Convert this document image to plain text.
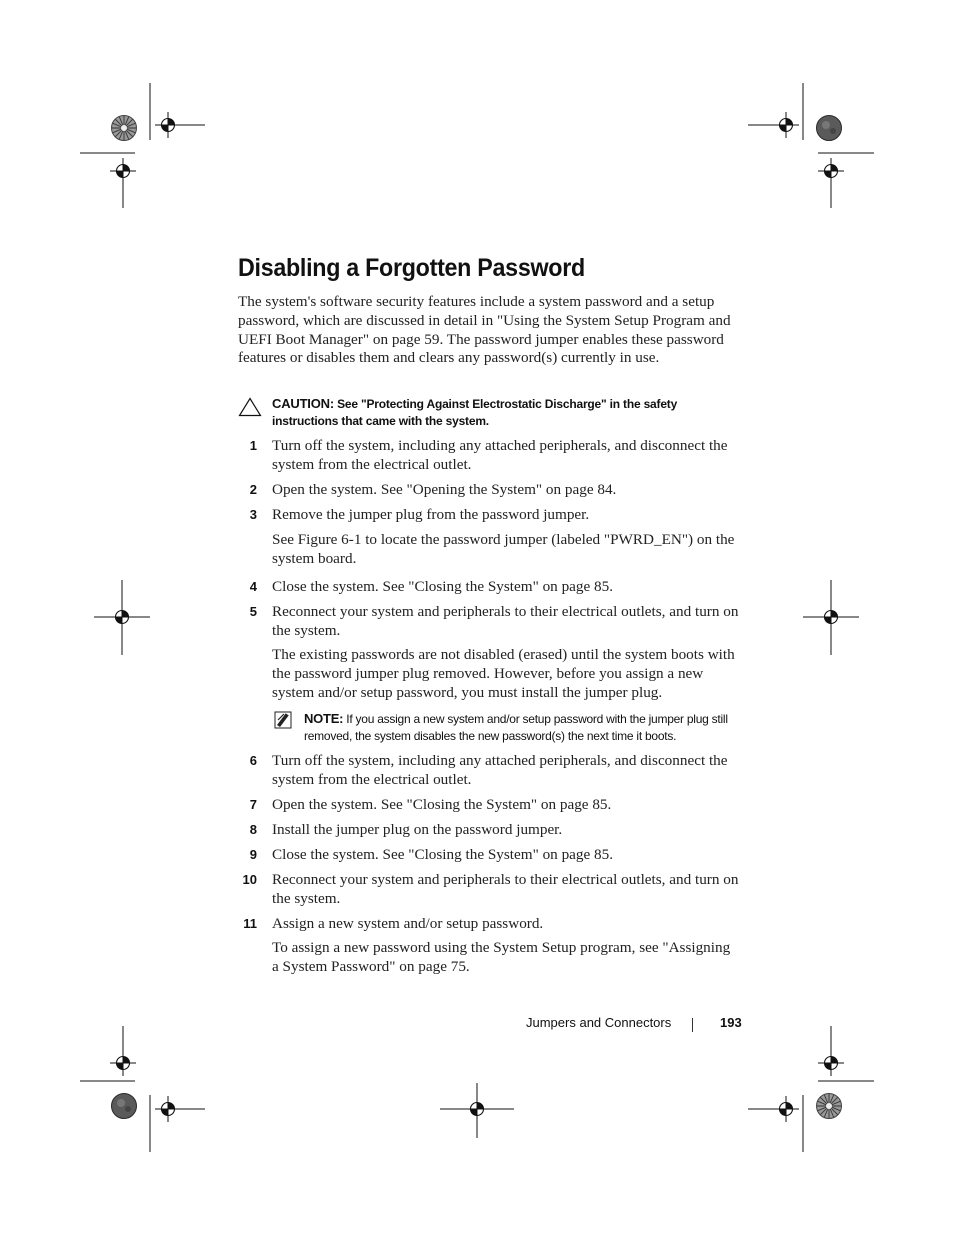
Disabling a Forgotten Password

The system's software security features include a system password and a setup password, which are discussed in detail in "Using the System Setup Program and UEFI Boot Manager" on page 59. The password jumper enables these password features or disables them and clears any password(s) currently in use.

CAUTION: See "Protecting Against Electrostatic Discharge" in the safety instructions that came with the system.
1 Turn off the system, including any attached peripherals, and disconnect the system from the electrical outlet.
2 Open the system. See "Opening the System" on page 84.
3 Remove the jumper plug from the password jumper.

See Figure 6-1 to locate the password jumper (labeled "PWRD_EN") on the system board.

4 Close the system. See "Closing the System" on page 85.
5 Reconnect your system and peripherals to their electrical outlets, and turn on the system.

The existing passwords are not disabled (erased) until the system boots with the password jumper plug removed. However, before you assign a new system and/or setup password, you must install the jumper plug.

NOTE: If you assign a new system and/or setup password with the jumper plug still removed, the system disables the new password(s) the next time it boots.
6 Turn off the system, including any attached peripherals, and disconnect the system from the electrical outlet.
7 Open the system. See "Closing the System" on page 85.
8 Install the jumper plug on the password jumper.
9 Close the system. See "Closing the System" on page 85.
10 Reconnect your system and peripherals to their electrical outlets, and turn on the system.
11 Assign a new system and/or setup password.

To assign a new password using the System Setup program, see "Assigning a System Password" on page 75.

Jumpers and Connectors	193
